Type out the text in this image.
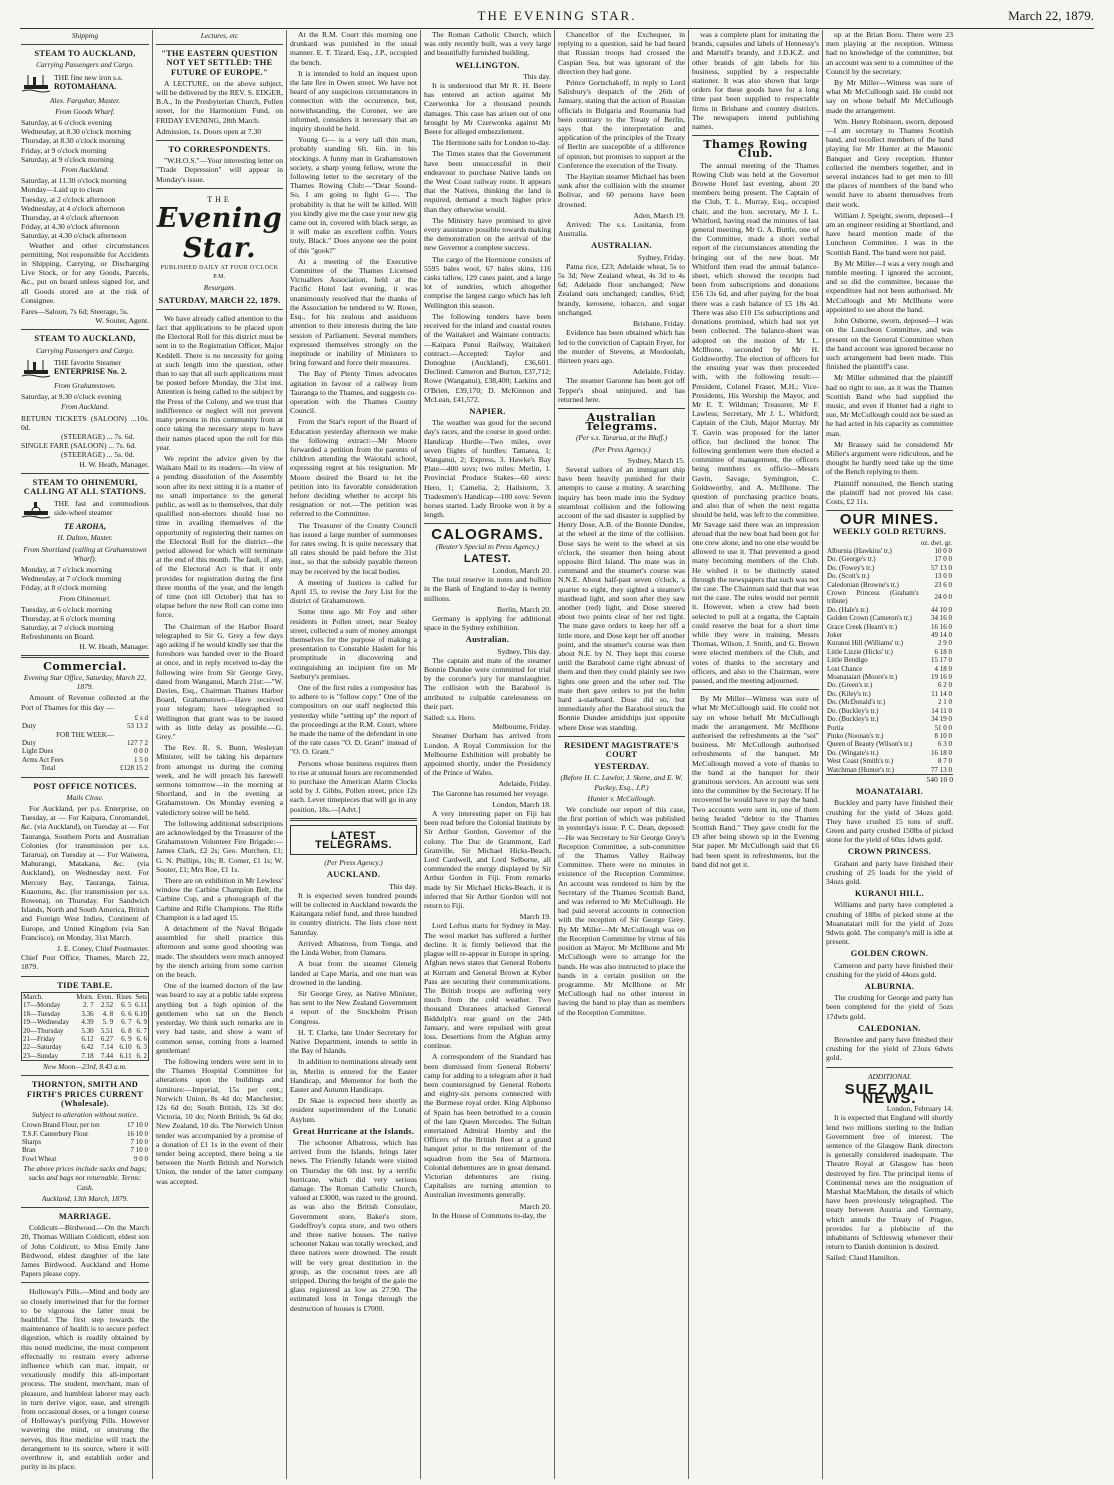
THE EVENING STAR.	March 22, 1879.
Shipping
STEAM TO AUCKLAND,
Carrying Passengers and Cargo.
THE fine new iron s.s.
ROTOMAHANA.
Alex. Farquhar, Master.
From Goods Wharf.
Saturday, at 6 o'clock evening
Wednesday, at 8.30 o'clock morning
Thursday, at 8.30 o'clock morning
Friday, at 9 o'clock morning
Saturday, at 9 o'clock morning
From Auckland.
Saturday, at 11.30 o'clock morning
Monday—Laid up to clean
Tuesday, at 2 o'clock afternoon
Wednesday, at 4 o'clock afternoon
Thursday, at 4 o'clock afternoon
Friday, at 4.30 o'clock afternoon
Saturday, at 4.30 o'clock afternoon

Weather and other circumstances permitting. Not responsible for Accidents in Shipping, Carrying, or Discharging Live Stock, or for any Goods, Parcels, &c., put on board unless signed for, and all Goods stored are at the risk of Consignee.

Fares—Saloon, 7s 6d; Steerage, 5s.
W. Souter, Agent.
STEAM TO AUCKLAND,
Carrying Passengers and Cargo.
THE favorite Steamer
ENTERPRISE No. 2.
From Grahamstown.
Saturday, at 9.30 o'clock evening
From Auckland.
RETURN TICKETS (SALOON) ...10s. 0d.
(STEERAGE) ... 7s. 6d.
SINGLE FARE (SALOON) ... 7s. 6d.
(STEERAGE) ... 5s. 0d.
H. W. Heath, Manager.
STEAM TO OHINEMURI, CALLING AT ALL STATIONS.
THE fast and commodious side-wheel steamer
TE AROHA,
H. Dalton, Master.
From Shortland (calling at Grahamstown Wharf).
Monday, at 7 o'clock morning
Wednesday, at 7 o'clock morning
Friday, at 8 o'clock morning
From Ohinemuri.
Tuesday, at 6 o'clock morning
Thursday, at 6 o'clock morning
Saturday, at 7 o'clock morning
Refreshments on Board.
H. W. Heath, Manager.
Commercial.
Evening Star Office, Saturday, March 22, 1879.

Amount of Revenue collected at the Port of Thames for this day —

	£ s d
Duty	53 13 2
FOR THE WEEK—	
Duty	127 7 2
Light Dues	0 0 0
Arms Act Fees	1 5 0
Total	£128 15 2
POST OFFICE NOTICES.
Mails Close.

For Auckland, per p.s. Enterprise, on Tuesday, at — For Kaipara, Coromandel, &c. (via Auckland), on Tuesday at — For Tauranga, Southern Ports and Australian Colonies (for transmission per s.s. Tararua), on Tuesday at — For Waiwera, Mahurangi, Matakana, &c. (via Auckland), on Wednesday next. For Mercury Bay, Tauranga, Tairua, Kuaotunu, &c. (for transmission per s.s. Rowena), on Thursday. For Sandwich Islands, North and South America, British and Foreign West Indies, Continent of Europe, and United Kingdom (via San Francisco), on Monday, 31st March.

J. E. Coney, Chief Postmaster.
Chief Post Office, Thames, March 22, 1879.
TIDE TABLE.
March.	Morn.	Even.	Rises	Sets
17—Monday	2. 7	2.52	6. 5	6.11
18—Tuesday	3.36	4. 8	6. 6	6.10
19—Wednesday	4.39	5. 9	6. 7	6. 9
20—Thursday	5.30	5.51	6. 8	6. 7
21—Friday	6.12	6.27	6. 9	6. 6
22—Saturday	6.42	7.14	6.10	6. 3
23—Sunday	7.18	7.44	6.11	6. 2
New Moon—23rd, 8.43 a.m.
THORNTON, SMITH AND FIRTH'S PRICES CURRENT (Wholesale).
Subject to alteration without notice.
Crown Brand Flour, per ton	17 10 0
T.S.F. Canterbury Flour	16 10 0
Sharps	7 10 0
Bran	7 10 0
Fowl Wheat	9 0 0
The above prices include sacks and bags; sacks and bags not returnable. Terms: Cash.
Auckland, 13th March, 1879.
MARRIAGE.

Coldicutt—Birdwood.—On the March 20, Thomas William Coldicutt, eldest son of John Coldicutt, to Miss Emily Jane Birdwood, eldest daughter of the late James Birdwood. Auckland and Home Papers please copy.

Holloway's Pills.—Mind and body are so closely intertwined that for the former to be vigorous the latter must be healthful. The first step towards the maintenance of health is to secure perfect digestion, which is readily obtained by this noted medicine, the most competent effectually to restrain every adverse influence which can mar, impair, or vexatiously modify this all-important process. The student, merchant, man of pleasure, and humblest laborer may each in turn derive vigor, ease, and strength from occasional doses, or a longer course of Holloway's purifying Pills. However wavering the mind, or unstrung the nerves, this fine medicine will track the derangement to its source, where it will overthrow it, and establish order and purity in its place.

Lectures, etc
"THE EASTERN QUESTION NOT YET SETTLED: THE FUTURE OF EUROPE."

A LECTURE, on the above subject, will be delivered by the REV. S. EDGER, B.A., In the Presbyterian Church, Pollen street, for the Harmonium Fund, on FRIDAY EVENING, 28th March.

Admission, 1s. Doors open at 7.30
TO CORRESPONDENTS.

"W.H.O.S."—Your interesting letter on "Trade Depression" will appear in Monday's issue.

THE
Evening Star.
PUBLISHED DAILY AT FOUR O'CLOCK P.M.
Resurgam.
SATURDAY, MARCH 22, 1879.

We have already called attention to the fact that applications to be placed upon the Electoral Roll for this district must be sent in to the Registration Officer, Major Keddell. There is no necessity for going at such length into the question, other than to say that all such applications must be posted before Monday, the 31st inst. Attention is being called to the subject by the Press of the Colony, and we trust that indifference or neglect will not prevent many persons in this community from at once taking the necessary steps to have their names placed upon the roll for this year.

We reprint the advice given by the Waikato Mail to its readers:—In view of a pending dissolution of the Assembly soon after its next sitting it is a matter of no small importance to the general public, as well as to themselves, that duly qualified non-electors should lose no time in availing themselves of the opportunity of registering their names on the Electoral Roll for the district—the period allowed for which will terminate at the end of this month. The fault, if any, of the Electoral Act is that it only provides for registration during the first three months of the year, and the length of time (not till October) that has to elapse before the new Roll can come into force.

The Chairman of the Harbor Board telegraphed to Sir G. Grey a few days ago asking if he would kindly see that the foreshore was handed over to the Board at once, and in reply received to-day the following wire from Sir George Grey, dated from Wanganui, March 21st:—"W. Davies, Esq., Chairman Thames Harbor Board, Grahamstown.—Have received your telegram; have telegraphed to Wellington that grant was to be issued with as little delay as possible.—G. Grey."

The Rev. R. S. Bunn, Wesleyan Minister, will be taking his departure from amongst us during the coming week, and he will preach his farewell sermons tomorrow—in the morning at Shortland, and in the evening at Grahamstown. On Monday evening a valedictory soiree will be held.

The following additional subscriptions are acknowledged by the Treasurer of the Grahamstown Volunteer Fire Brigade:—James Clark, £2 2s; Geo. Murchen, £1; G. N. Phillips, 10s; R. Comer, £1 1s; W. Souter, £1; Mrs Roe, £1 1s.

There are on exhibition in Mr Lewless' window the Carbine Champion Belt, the Carbine Cup, and a photograph of the Carbine and Rifle Champions. The Rifle Champion is a lad aged 15.

A detachment of the Naval Brigade assembled for shell practice this afternoon and some good shooting was made. The shoulders were much annoyed by the stench arising from some carrion on the beach.

One of the learned doctors of the law was heard to say at a public table express anything but a high opinion of the gentlemen who sat on the Bench yesterday. We think such remarks are in very bad taste, and show a want of common sense, coming from a learned gentleman!

The following tenders were sent in to the Thames Hospital Committee for alterations upon the buildings and furniture:—Imperial, 15s per cent.; Norwich Union, 8s 4d do; Manchester, 12s 6d do; South British, 12s 3d do; Victoria, 10 do; North British, 9s 6d do; New Zealand, 10 do. The Norwich Union tender was accompanied by a promise of a donation of £1 1s in the event of their tender being accepted, there being a tie between the North British and Norwich Union, the tender of the latter company was accepted.

At the R.M. Court this morning one drunkard was punished in the usual manner. E. T. Tizard, Esq., J.P., occupied the bench.

It is intended to hold an inquest upon the late fire in Owen street. We have not heard of any suspicious circumstances in connection with the occurrence, but, notwithstanding, the Coroner, we are informed, considers it necessary that an inquiry should be held.

Young G— is a very tall thin man, probably standing 6ft. 6in. in his stockings. A funny man in Grahamstown society, a sharp young fellow, wrote the following letter to the secretary of the Thames Rowing Club:—"Dear Sound-So, I am going to fight G—. The probability is that he will be killed. Will you kindly give me the case your new gig came out in, covered with black serge, as it will make an excellent coffin. Yours truly, Black." Does anyone see the point of this "gook?"

At a meeting of the Executive Committee of the Thames Licensed Victuallers Association, held at the Pacific Hotel last evening, it was unanimously resolved that the thanks of the Association be tendered to W. Rowe, Esq., for his zealous and assiduous attention to their interests during the late session of Parliament. Several members expressed themselves strongly on the ineptitude or inability of Ministers to bring forward and force their measures.

The Bay of Plenty Times advocates agitation in favour of a railway from Tauranga to the Thames, and suggests co-operation with the Thames County Council.

From the Star's report of the Board of Education yesterday afternoon we make the following extract:—Mr Moore forwarded a petition from the parents of children attending the Waiotahi school, expressing regret at his resignation. Mr Moore desired the Board to let the petition into its favorable consideration before deciding whether to accept his resignation or not.—The petition was referred to the Committee.

The Treasurer of the County Council has issued a large number of summonses for rates owing. It is quite necessary that all rates should be paid before the 31st inst., so that the subsidy payable thereon may be received by the local bodies.

A meeting of Justices is called for April 15, to revise the Jury List for the district of Grahamstown.

Some time ago Mr Foy and other residents in Pollen street, near Sealey street, collected a sum of money amongst themselves for the purpose of making a presentation to Constable Haslett for his promptitude in discovering and extinguishing an incipient fire on Mr Seebury's premises.

One of the first rules a compositor has to adhere to is "follow copy." One of the compositors on our staff neglected this yesterday while "setting up" the report of the proceedings at the R.M. Court, where he made the name of the defendant in one of the rate cases "O. D. Grant" instead of "O. O. Grant."

Persons whose business requires them to rise at unusual hours are recommended to purchase the American Alarm Clocks sold by J. Gibbs, Pollen street, price 12s each. Lever timepieces that will go in any position, 18s.—[Advt.]

LATEST TELEGRAMS.
(Per Press Agency.)
AUCKLAND.
This day.

It is expected seven hundred pounds will be collected in Auckland towards the Kaitangata relief fund, and three hundred in country districts. The lists close next Saturday.

Arrived: Albatross, from Tonga, and the Linda Weber, from Oamaru.

A boat from the steamer Glenelg landed at Cape Maria, and one man was drowned in the landing.

Sir George Grey, as Native Minister, has sent to the New Zealand Government a report of the Stockholm Prison Congress.

H. T. Clarke, late Under Secretary for Native Department, intends to settle in the Bay of Islands.

In addition to nominations already sent in, Merlin is entered for the Easter Handicap, and Mementor for both the Easter and Autumn Handicaps.

Dr Skae is expected here shortly as resident superintendent of the Lunatic Asylum.

Great Hurricane at the Islands.

The schooner Albatross, which has arrived from the Islands, brings later news. The Friendly Islands were visited on Thursday the 6th inst. by a terrific hurricane, which did very serious damage. The Roman Catholic Church, valued at £3000, was razed to the ground, as was also the British Consulate, Government store, Baker's store, Godeffroy's copra store, and two others and three native houses. The native schooner Nakau was totally wrecked, and three natives were drowned. The result will be very great destitution in the group, as the cocoanut trees are all stripped. During the height of the gale the glass registered as low as 27.90. The estimated loss in Tonga through the destruction of houses is £7000.

The Roman Catholic Church, which was only recently built, was a very large and beautifully furnished building.

WELLINGTON.
This day.

It is understood that Mr R. H. Beere has entered an action against Mr Czerwonka for a thousand pounds damages. This case has arisen out of one brought by Mr Czerwonka against Mr Beere for alleged embezzlement.

The Hermione sails for London to-day.

The Times states that the Government have been unsuccessful in their endeavour to purchase Native lands on the West Coast railway route. It appears that the Natives, thinking the land is required, demand a much higher price than they otherwise would.

The Ministry have promised to give every assistance possible towards making the demonstration on the arrival of the new Governor a complete success.

The cargo of the Hermione consists of 5595 bales wool, 67 bales skins, 116 casks tallow, 129 cases paint, and a large lot of sundries, which altogether comprise the largest cargo which has left Wellington this season.

The following tenders have been received for the inland and coastal routes of the Waitakeri and Waimate contracts:—Kaipara Punui Railway, Waitakeri contract.—Accepted: Taylor and Donoghue (Auckland), £36,601. Declined: Cameron and Burton, £37,712; Rowe (Wanganui), £38,400; Larkins and O'Brien, £39,170; D. McKinnon and McLean, £41,572.

NAPIER.

The weather was good for the second day's races, and the course in good order. Handicap Hurdle—Two miles, over seven flights of hurdles: Tamatea, 1; Wanganui, 2; Express, 3. Hawke's Bay Plate—400 sovs; two miles: Merlin, 1. Provincial Produce Stakes—60 sovs: Hero, 1; Camelia, 2; Hailstorm, 3. Tradesmen's Handicap—100 sovs: Seven horses started. Lady Brooke won it by a length.

CALOGRAMS.
(Reuter's Special to Press Agency.)
LATEST.
London, March 20.

The total reserve in notes and bullion in the Bank of England to-day is twenty millions.

Berlin, March 20.

Germany is applying for additional space in the Sydney exhibition.

Australian.
Sydney, This day.

The captain and mate of the steamer Bonnie Dundee were committed for trial by the coroner's jury for manslaughter. The collision with the Barabool is attributed to culpable carelessness on their part.

Sailed: s.s. Hero.
Melbourne, Friday.

Steamer Durham has arrived from London. A Royal Commission for the Melbourne Exhibition will probably be appointed shortly, under the Presidency of the Prince of Wales.

Adelaide, Friday.

The Garonne has resumed her voyage.

London, March 18.

A very interesting paper on Fiji has been read before the Colonial Institute by Sir Arthur Gordon, Governor of the colony. The Duc de Grammont, Earl Granville, Sir Michael Hicks-Beach, Lord Cardwell, and Lord Selborne, all commended the energy displayed by Sir Arthur Gordon in Fiji. From remarks made by Sir Michael Hicks-Beach, it is inferred that Sir Arthur Gordon will not return to Fiji.

March 19.

Lord Loftus starts for Sydney in May. The wool market has suffered a further decline. It is firmly believed that the plague will re-appear in Europe in spring. Afghan news states that General Roberts at Kurram and General Brown at Kyber Pass are securing their communications. The British troops are suffering very much from the cold weather. Two thousand Duranees attacked General Biddulph's rear guard on the 24th January, and were repulsed with great loss. Desertions from the Afghan army continue.

A correspondent of the Standard has been dismissed from General Roberts' camp for adding to a telegram after it had been countersigned by General Roberts and eighty-six persons connected with the Burmese royal order. King Alphonso of Spain has been betrothed to a cousin of the late Queen Mercedes. The Sultan entertained Admiral Hornby and the Officers of the British fleet at a grand banquet prior to the retirement of the squadron from the Sea of Marmora. Colonial debentures are in great demand. Victorian debentures are rising. Capitalists are turning attention to Australian investments generally.

March 20.

In the House of Commons to-day, the

Chancellor of the Exchequer, in replying to a question, said he had heard that Russian troops had crossed the Caspian Sea, but was ignorant of the direction they had gone.

Prince Gortschakoff, in reply to Lord Salisbury's despatch of the 26th of January, stating that the action of Russian officials in Bulgaria and Roumania had been contrary to the Treaty of Berlin, says that the interpretation and application of the principles of the Treaty of Berlin are susceptible of a difference of opinion, but promises to support at the Conference the execution of the Treaty.

The Haytian steamer Michael has been sunk after the collision with the steamer Bolivar, and 60 persons have been drowned.

Aden, March 19.

Arrived: The s.s. Lusitania, from Australia.

AUSTRALIAN.
Sydney, Friday.

Patna rice, £23; Adelaide wheat, 5s to 5s 3d; New Zealand wheat, 4s 3d to 4s 6d; Adelaide flour unchanged; New Zealand oats unchanged; candles, 6½d; brandy, kerosene, tobacco, and sugar unchanged.

Brisbane, Friday.

Evidence has been obtained which has led to the conviction of Captain Fryer, for the murder of Stevens, at Mooloolah, thirteen years ago.

Adelaide, Friday.

The steamer Garonne has been got off Tepper's shoal uninjured, and has returned here.

Australian Telegrams.
(Per s.s. Tararua, at the Bluff.)
(Per Press Agency.)
Sydney, March 15.

Several sailors of an immigrant ship have been heavily punished for their attempts to cause a mutiny. A searching inquiry has been made into the Sydney steamboat collision and the following account of the sad disaster is supplied by Henry Dose, A.B. of the Bonnie Dundee, at the wheel at the time of the collision. Dose says he went to the wheel at six o'clock, the steamer then being about opposite Bird Island. The mate was in command and the steamer's course was N.N.E. About half-past seven o'clock, a quarter to eight, they sighted a steamer's masthead light, and soon after they saw another (red) light, and Dose steered about two points clear of her red light. The mate gave orders to keep her off a little more, and Dose kept her off another point, and the steamer's course was then about N.E. by N. They kept this course until the Barabool came right abreast of them and then they could plainly see two lights one green and the other red. The mate then gave orders to put the helm hard a-starboard. Dose did so, but immediately after the Barabool struck the Bonnie Dundee amidships just opposite where Dose was standing.

RESIDENT MAGISTRATE'S COURT
YESTERDAY.
(Before H. C. Lawlor, J. Skene, and E. W. Puckey, Esq., J.P.)
Hunter v. McCullough.

We conclude our report of this case, the first portion of which was published in yesterday's issue. P. C. Dean, deposed:—He was Secretary to Sir George Grey's Reception Committee, a sub-committee of the Thames Valley Railway Committee. There were no minutes in existence of the Reception Committee. An account was rendered to him by the Secretary of the Thames Scottish Band, and was referred to Mr McCullough. He had paid several accounts in connection with the reception of Sir George Grey. By Mr Miller—Mr McCullough was on the Reception Committee by virtue of his position as Mayor. Mr McIlhone and Mr McCullough were to arrange for the bands. He was also instructed to place the bands in a certain position on the programme. Mr McIlhone or Mr McCullough had no other interest in having the band to play than as members of the Reception Committee.

was a complete plant for imitating the brands, capsules and labels of Hennessy's and Martell's brandy, and J.D.K.Z. and other brands of gin labels for his business, supplied by a respectable stationer. It was also shown that large orders for these goods have for a long time past been supplied to respectable firms in Brisbane and country districts. The newspapers intend publishing names.

Thames Rowing Club.

The annual meeting of the Thames Rowing Club was held at the Governor Browne Hotel last evening, about 20 members being present. The Captain of the Club, T. L. Murray, Esq., occupied chair, and the hon. secretary, Mr J. L. Whitford, having read the minutes of last general meeting, Mr G. A. Buttle, one of the Committee, made a short verbal report of the circumstances attending the bringing out of the new boat. Mr Whitford then read the annual balance-sheet, which showed the receipts had been from subscriptions and donations £56 13s 6d, and after paying for the boat there was a cash balance of £5 18s 4d. There was also £10 15s subscriptions and donations promised, which had not yet been collected. The balance-sheet was adopted on the motion of Mr L. McIlhone, seconded by Mr H. Goldsworthy. The election of officers for the ensuing year was then proceeded with, with the following result:—President, Colonel Fraser, M.H.; Vice-Presidents, His Worship the Mayor, and Mr E. T. Wildman; Treasurer, Mr F. Lawless; Secretary, Mr J. L. Whitford; Captain of the Club, Major Murray. Mr T. Gavin was proposed for the latter office, but declined the honor. The following gentlemen were then elected a committee of management, the officers being members ex officio—Messrs Gavin, Savage, Symington, C. Goldsworthy, and A. McIlhone. The question of purchasing practice boats, and also that of when the next regatta should be held, was left to the committee. Mr Savage said there was an impression abroad that the new boat had been got for one crew alone, and no one else would be allowed to use it. That prevented a good many becoming members of the Club. He wished it to be distinctly stated through the newspapers that such was not the case. The Chairman said that that was not the case. The rules would not permit it. However, when a crew had been selected to pull at a regatta, the Captain could reserve the boat for a short time while they were in training. Messrs Thomas, Wilson, J. Smith, and G. Brown were elected members of the Club, and votes of thanks to the secretary and officers, and also to the Chairman, were passed, and the meeting adjourned.

By Mr Miller—Witness was sure of what Mr McCullough said. He could not say on whose behalf Mr McCullough made the arrangement. Mr McIlhone authorised the refreshments at the "soi" business. Mr McCullough authorised refreshments of the banquet. Mr McCullough moved a vote of thanks to the band at the banquet for their gratuitous services. An account was sent into the committee by the Secretary. If he recovered he would have to pay the band. Two accounts were sent in, one of them being headed "debtor to the Thames Scottish Band." They gave credit for the £9 after being shown up in the Evening Star paper. Mr McCullough said that £6 had been spent in refreshments, but the band did not get it.

up at the Brian Boru. There were 23 men playing at the reception. Witness had no knowledge of the committee, but an account was sent to a committee of the Council by the secretary.

By Mr Miller—Witness was sure of what Mr McCullough said. He could not say on whose behalf Mr McCullough made the arrangement.

Wm. Henry Robinson, sworn, deposed—I am secretary to Thames Scottish band, and recollect members of the band playing for Mr Hunter at the Masonic Banquet and Grey reception. Hunter collected the members together, and in several instances had to get men to fill the places of members of the band who would have to absent themselves from their work.

William J. Speight, sworn, deposed—I am an engineer residing at Shortland, and have heard mention made of the Luncheon Committee. I was in the Scottish Band. The band were not paid.

By Mr Miller—I was a very rough and tumble meeting. I ignored the account, and so did the committee, because the expenditure had not been authorised. Mr McCullough and Mr McIlhone were appointed to see about the band.

John Osborne, sworn, deposed—I was on the Luncheon Committee, and was present on the General Committee when the band account was ignored because no such arrangement had been made. This finished the plaintiff's case.

Mr Miller submitted that the plaintiff had no right to sue, as it was the Thames Scottish Band who had supplied the music, and even if Hunter had a right to sue, Mr McCullough could not be sued as he had acted in his capacity as committee man.

Mr Brassey said he considered Mr Miller's argument were ridiculous, and he thought he hardly need take up the time of the Bench replying to them.

Plaintiff nonsuited, the Bench stating the plaintiff had not proved his case. Costs, £2 11s.

OUR MINES.
WEEKLY GOLD RETURNS.
	oz. dwt. gr.
Alburnia (Hawkins' tr.)	10 0 0
Do. (George's tr.)	17 0 0
Do. (Fowey's tr.)	57 13 0
Do. (Scott's tr.)	13 0 0
Caledonian (Browne's tr.)	23 6 0
Crown Princess (Graham's tribute)	24 0 0
Do. (Hale's tr.)	44 10 0
Golden Crown (Cameron's tr.)	34 16 0
Grace Creek (Hearn's tr.)	16 16 0
Joker	49 14 0
Kuranui Hill (Williams' tr.)	2 9 0
Little Lizzie (Hicks' tr.)	6 18 0
Little Bendigo	15 17 0
Lost Chance	4 18 0
Moanataiari (Moore's tr.)	19 16 0
Do. (Green's tr.)	6 2 0
Do. (Kiley's tr.)	11 14 0
Do. (McDonald's tr.)	2 1 0
Do. (Buckley's tr.)	14 11 0
Do. (Buckley's tr.)	34 19 0
Portia	51 0 0
Pinko (Noonan's tr.)	8 10 0
Queen of Beauty (Wilson's tr.)	6 3 0
Do. (Wingate's tr.)	16 18 0
West Coast (Smith's tr.)	8 7 0
Watchman (Hunter's tr.)	77 13 0
540 10 0
MOANATAIARI.

Buckley and party have finished their crushing for the yield of 34ozs gold. They have crushed 15 tons of stuff. Green and party crushed 150lbs of picked stone for the yield of 60zs 1dwts gold.

CROWN PRINCESS.

Graham and party have finished their crushing of 25 loads for the yield of 34ozs gold.

KURANUI HILL.

Williams and party have completed a crushing of 18lbs of picked stone at the Moanataiari mill for the yield of 2ozs 9dwts gold. The company's mill is idle at present.

GOLDEN CROWN.

Cameron and party have finished their crushing for the yield of 44ozs gold.

ALBURNIA.

The crushing for George and party has been completed for the yield of 5ozs 17dwts gold.

CALEDONIAN.

Brownlee and party have finished their crushing for the yield of 23ozs 6dwts gold.

ADDITIONAL
SUEZ MAIL NEWS.
London, February 14.

It is expected that England will shortly lend two millions sterling to the Indian Government free of interest. The sentence of the Glasgow Bank directors is generally considered inadequate. The Theatre Royal at Glasgow has been destroyed by fire. The principal items of Continental news are the resignation of Marshal MacMahon, the details of which have been previously telegraphed. The treaty between Austria and Germany, which annuls the Treaty of Prague, provides for a plebiscite of the inhabitants of Schleswig whenever their return to Danish dominion is desired.

Sailed: Claud Hamilton.
